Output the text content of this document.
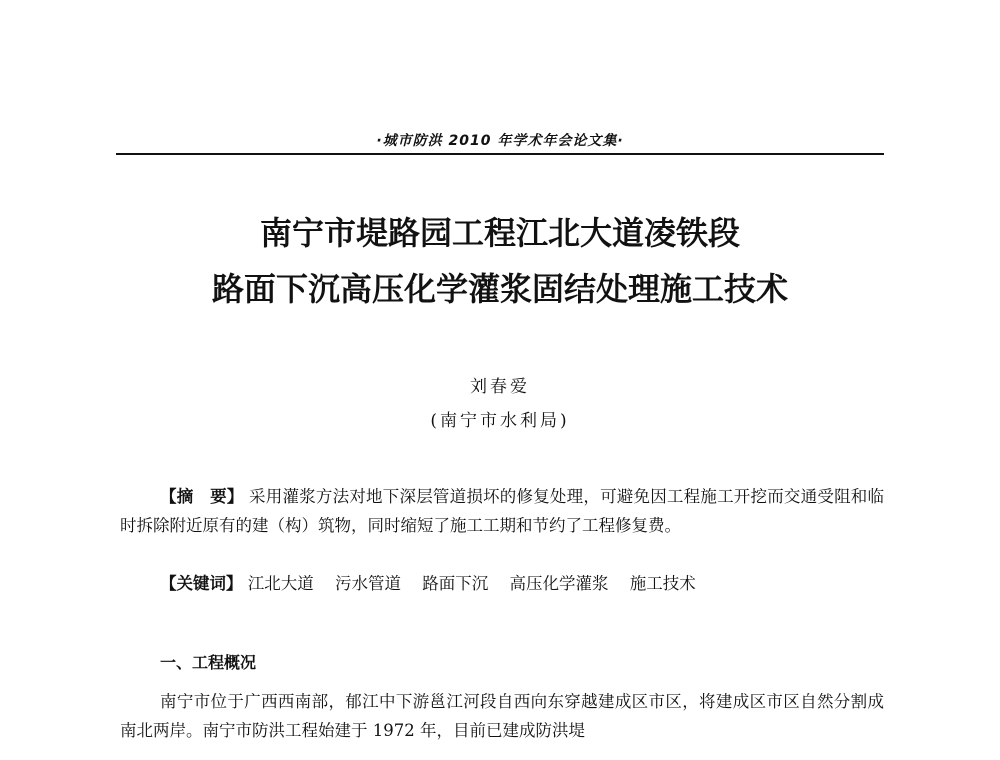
·城市防洪 2010 年学术年会论文集·
南宁市堤路园工程江北大道凌铁段
路面下沉高压化学灌浆固结处理施工技术
刘春爱
(南宁市水利局)
【摘　要】 采用灌浆方法对地下深层管道损坏的修复处理，可避免因工程施工开挖而交通受阻和临时拆除附近原有的建（构）筑物，同时缩短了施工工期和节约了工程修复费。
【关键词】 江北大道 污水管道 路面下沉 高压化学灌浆 施工技术
一、工程概况
南宁市位于广西西南部，郁江中下游邕江河段自西向东穿越建成区市区，将建成区市区自然分割成南北两岸。南宁市防洪工程始建于 1972 年，目前已建成防洪堤
